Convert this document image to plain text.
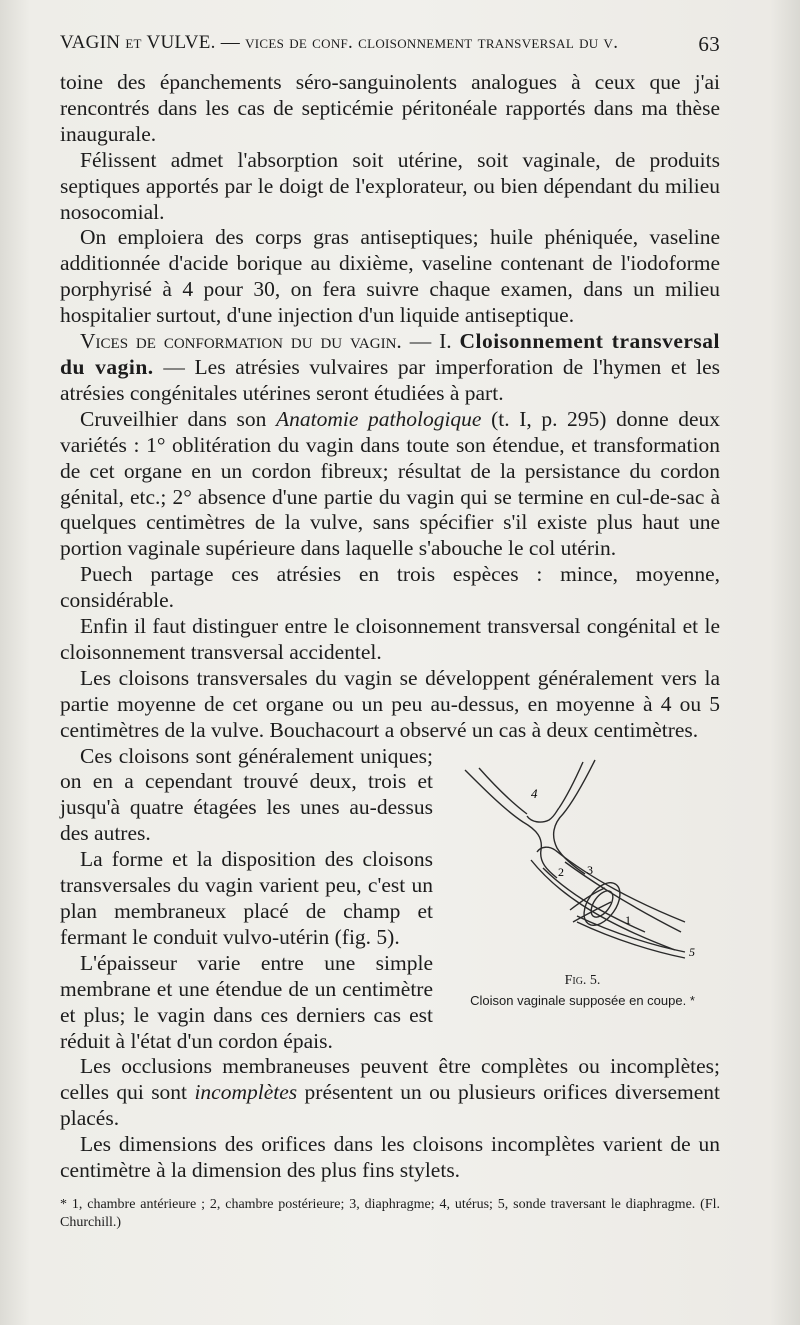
VAGIN et VULVE. — vices de conf. cloisonnement transversal du v.	63

toine des épanchements séro-sanguinolents analogues à ceux que j'ai rencontrés dans les cas de septicémie péritonéale rapportés dans ma thèse inaugurale.

Félissent admet l'absorption soit utérine, soit vaginale, de produits septiques apportés par le doigt de l'explorateur, ou bien dépendant du milieu nosocomial.

On emploiera des corps gras antiseptiques; huile phéniquée, vaseline additionnée d'acide borique au dixième, vaseline contenant de l'iodoforme porphyrisé à 4 pour 30, on fera suivre chaque examen, dans un milieu hospitalier surtout, d'une injection d'un liquide antiseptique.

Vices de conformation du du vagin. — I. Cloisonnement transversal du vagin. — Les atrésies vulvaires par imperforation de l'hymen et les atrésies congénitales utérines seront étudiées à part.

Cruveilhier dans son Anatomie pathologique (t. I, p. 295) donne deux variétés : 1° oblitération du vagin dans toute son étendue, et transformation de cet organe en un cordon fibreux; résultat de la persistance du cordon génital, etc.; 2° absence d'une partie du vagin qui se termine en cul-de-sac à quelques centimètres de la vulve, sans spécifier s'il existe plus haut une portion vaginale supérieure dans laquelle s'abouche le col utérin.

Puech partage ces atrésies en trois espèces : mince, moyenne, considérable.

Enfin il faut distinguer entre le cloisonnement transversal congénital et le cloisonnement transversal accidentel.

Les cloisons transversales du vagin se développent généralement vers la partie moyenne de cet organe ou un peu au-dessus, en moyenne à 4 ou 5 centimètres de la vulve. Bouchacourt a observé un cas à deux centimètres.

4
2 3
1
5
Fig. 5.
Cloison vaginale supposée en coupe. *

Ces cloisons sont généralement uniques; on en a cependant trouvé deux, trois et jusqu'à quatre étagées les unes au-dessus des autres.

La forme et la disposition des cloisons transversales du vagin varient peu, c'est un plan membraneux placé de champ et fermant le conduit vulvo-utérin (fig. 5).

L'épaisseur varie entre une simple membrane et une étendue de un centimètre et plus; le vagin dans ces derniers cas est réduit à l'état d'un cordon épais.

Les occlusions membraneuses peuvent être complètes ou incomplètes; celles qui sont incomplètes présentent un ou plusieurs orifices diversement placés.

Les dimensions des orifices dans les cloisons incomplètes varient de un centimètre à la dimension des plus fins stylets.

* 1, chambre antérieure ; 2, chambre postérieure; 3, diaphragme; 4, utérus; 5, sonde traversant le diaphragme. (Fl. Churchill.)
